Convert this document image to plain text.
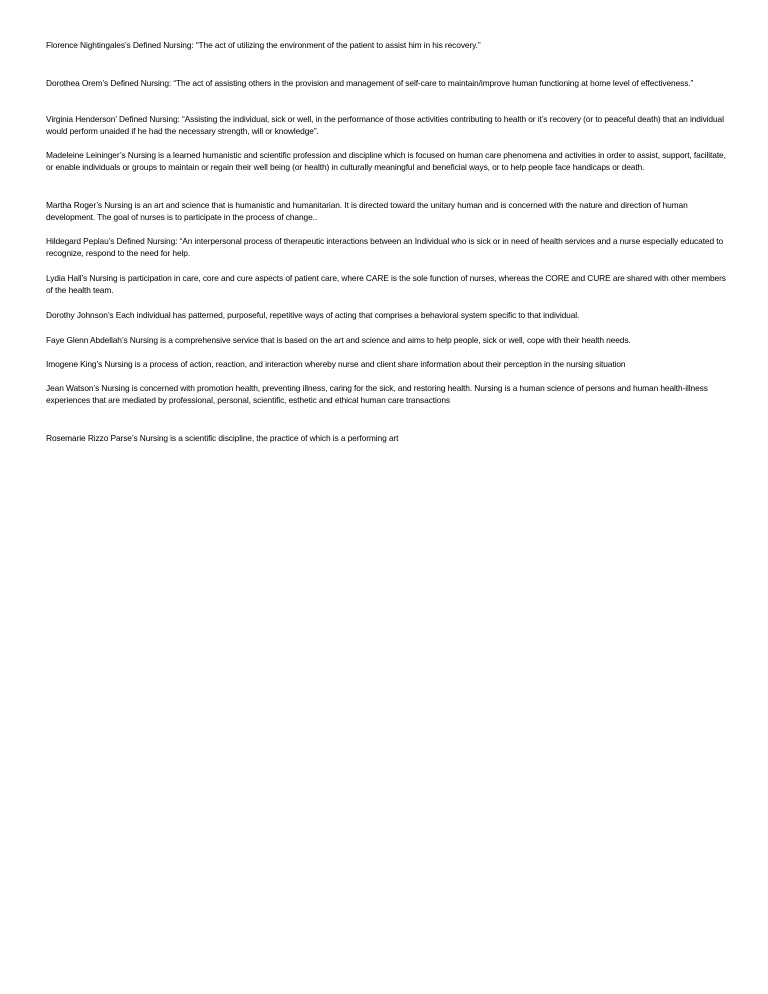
Florence Nightingales’s Defined Nursing: “The act of utilizing the environment of the patient to assist him in his recovery.”

Dorothea Orem’s Defined Nursing: “The act of assisting others in the provision and management of self-care to maintain/improve human functioning at home level of effectiveness.”

Virginia Henderson’ Defined Nursing: “Assisting the individual, sick or well, in the performance of those activities contributing to health or it’s recovery (or to peaceful death) that an individual would perform unaided if he had the necessary strength, will or knowledge”.

Madeleine Leininger’s Nursing is a learned humanistic and scientific profession and discipline which is focused on human care phenomena and activities in order to assist, support, facilitate, or enable individuals or groups to maintain or regain their well being (or health) in culturally meaningful and beneficial ways, or to help people face handicaps or death.

Martha Roger’s Nursing is an art and science that is humanistic and humanitarian. It is directed toward the unitary human and is concerned with the nature and direction of human development. The goal of nurses is to participate in the process of change..

Hildegard Peplau’s Defined Nursing: “An interpersonal process of therapeutic interactions between an Individual who is sick or in need of health services and a nurse especially educated to recognize, respond to the need for help.

Lydia Hall’s Nursing is participation in care, core and cure aspects of patient care, where CARE is the sole function of nurses, whereas the CORE and CURE are shared with other members of the health team.

Dorothy Johnson’s Each individual has patterned, purposeful, repetitive ways of acting that comprises a behavioral system specific to that individual.

Faye Glenn Abdellah’s Nursing is a comprehensive service that is based on the art and science and aims to help people, sick or well, cope with their health needs.

Imogene King’s Nursing is a process of action, reaction, and interaction whereby nurse and client share information about their perception in the nursing situation

Jean Watson’s Nursing is concerned with promotion health, preventing illness, caring for the sick, and restoring health. Nursing is a human science of persons and human health-illness experiences that are mediated by professional, personal, scientific, esthetic and ethical human care transactions

Rosemarie Rizzo Parse’s Nursing is a scientific discipline, the practice of which is a performing art
